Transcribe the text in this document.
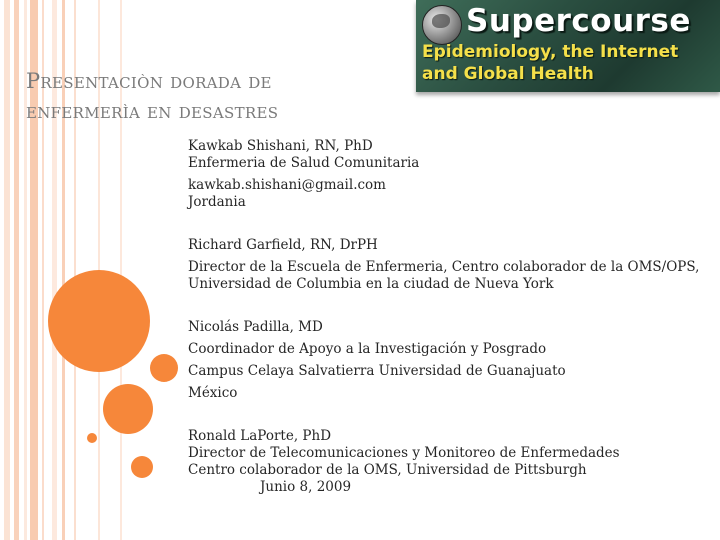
Supercourse
Epidemiology, the Internet
and Global Health
Presentaciòn dorada de
enfermerìa en desastres
Kawkab Shishani, RN, PhD
Enfermeria de Salud Comunitaria
kawkab.shishani@gmail.com
Jordania
Richard Garfield, RN, DrPH
Director de la Escuela de Enfermeria, Centro colaborador de la OMS/OPS, Universidad de Columbia en la ciudad de Nueva York
Nicolás Padilla, MD
Coordinador de Apoyo a la Investigación y Posgrado
Campus Celaya Salvatierra Universidad de Guanajuato
México
Ronald LaPorte, PhD
Director de Telecomunicaciones y Monitoreo de Enfermedades
Centro colaborador de la OMS, Universidad de Pittsburgh
Junio 8, 2009
